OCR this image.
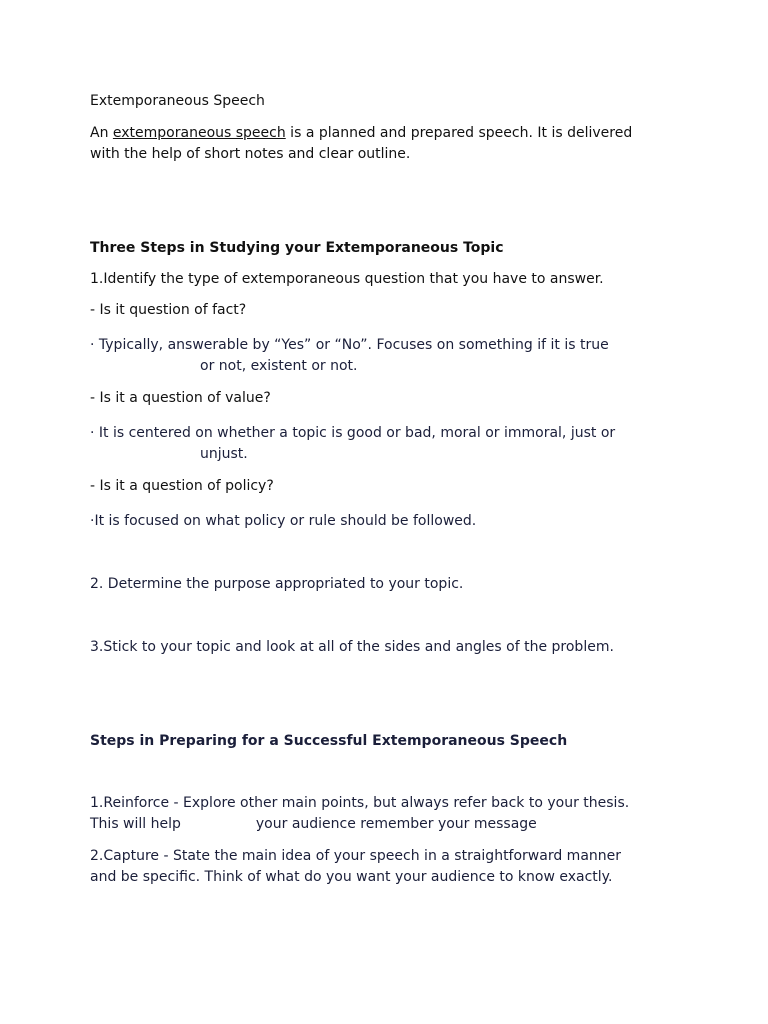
Extemporaneous Speech
An extemporaneous speech is a planned and prepared speech. It is delivered
with the help of short notes and clear outline.
Three Steps in Studying your Extemporaneous Topic
1.Identify the type of extemporaneous question that you have to answer.
- Is it question of fact?
· Typically, answerable by “Yes” or “No”. Focuses on something if it is true
or not, existent or not.
- Is it a question of value?
· It is centered on whether a topic is good or bad, moral or immoral, just or
unjust.
- Is it a question of policy?
·It is focused on what policy or rule should be followed.
2. Determine the purpose appropriated to your topic.
3.Stick to your topic and look at all of the sides and angles of the problem.
Steps in Preparing for a Successful Extemporaneous Speech
1.Reinforce - Explore other main points, but always refer back to your thesis.
This will help	your audience remember your message
2.Capture - State the main idea of your speech in a straightforward manner
and be specific. Think of what do you want your audience to know exactly.
